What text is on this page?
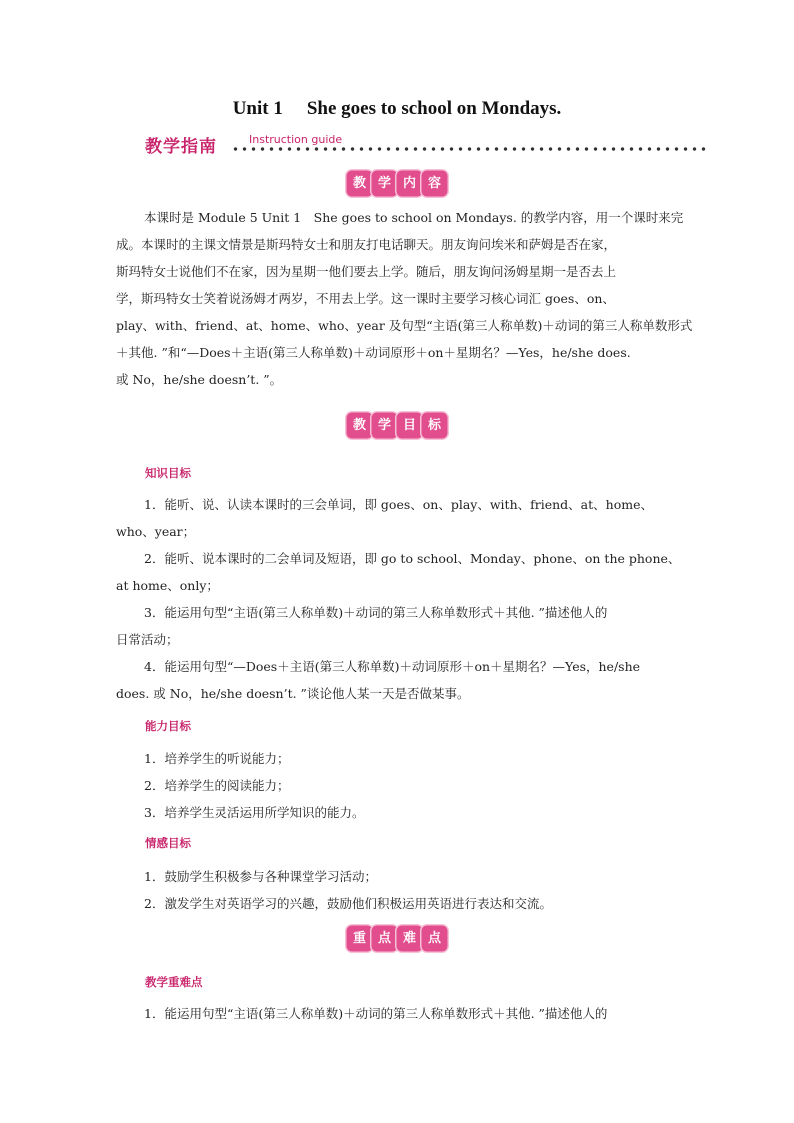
Unit 1 She goes to school on Mondays.
教学指南	Instruction guide
教 学 内 容
本课时是 Module 5 Unit 1　She goes to school on Mondays. 的教学内容，用一个课时来完
成。本课时的主课文情景是斯玛特女士和朋友打电话聊天。朋友询问埃米和萨姆是否在家，
斯玛特女士说他们不在家，因为星期一他们要去上学。随后，朋友询问汤姆星期一是否去上
学，斯玛特女士笑着说汤姆才两岁，不用去上学。这一课时主要学习核心词汇 goes、on、
play、with、friend、at、home、who、year 及句型“主语(第三人称单数)＋动词的第三人称单数形式
＋其他. ”和“—Does＋主语(第三人称单数)＋动词原形＋on＋星期名？—Yes，he/she does.
或 No，he/she doesn’t. ”。
教 学 目 标
知识目标
1．能听、说、认读本课时的三会单词，即 goes、on、play、with、friend、at、home、
who、year；
2．能听、说本课时的二会单词及短语，即 go to school、Monday、phone、on the phone、
at home、only；
3．能运用句型“主语(第三人称单数)＋动词的第三人称单数形式＋其他. ”描述他人的
日常活动；
4．能运用句型“—Does＋主语(第三人称单数)＋动词原形＋on＋星期名？—Yes，he/she
does. 或 No，he/she doesn’t. ”谈论他人某一天是否做某事。
能力目标
1．培养学生的听说能力；
2．培养学生的阅读能力；
3．培养学生灵活运用所学知识的能力。
情感目标
1．鼓励学生积极参与各种课堂学习活动；
2．激发学生对英语学习的兴趣，鼓励他们积极运用英语进行表达和交流。
重 点 难 点
教学重难点
1．能运用句型“主语(第三人称单数)＋动词的第三人称单数形式＋其他. ”描述他人的
